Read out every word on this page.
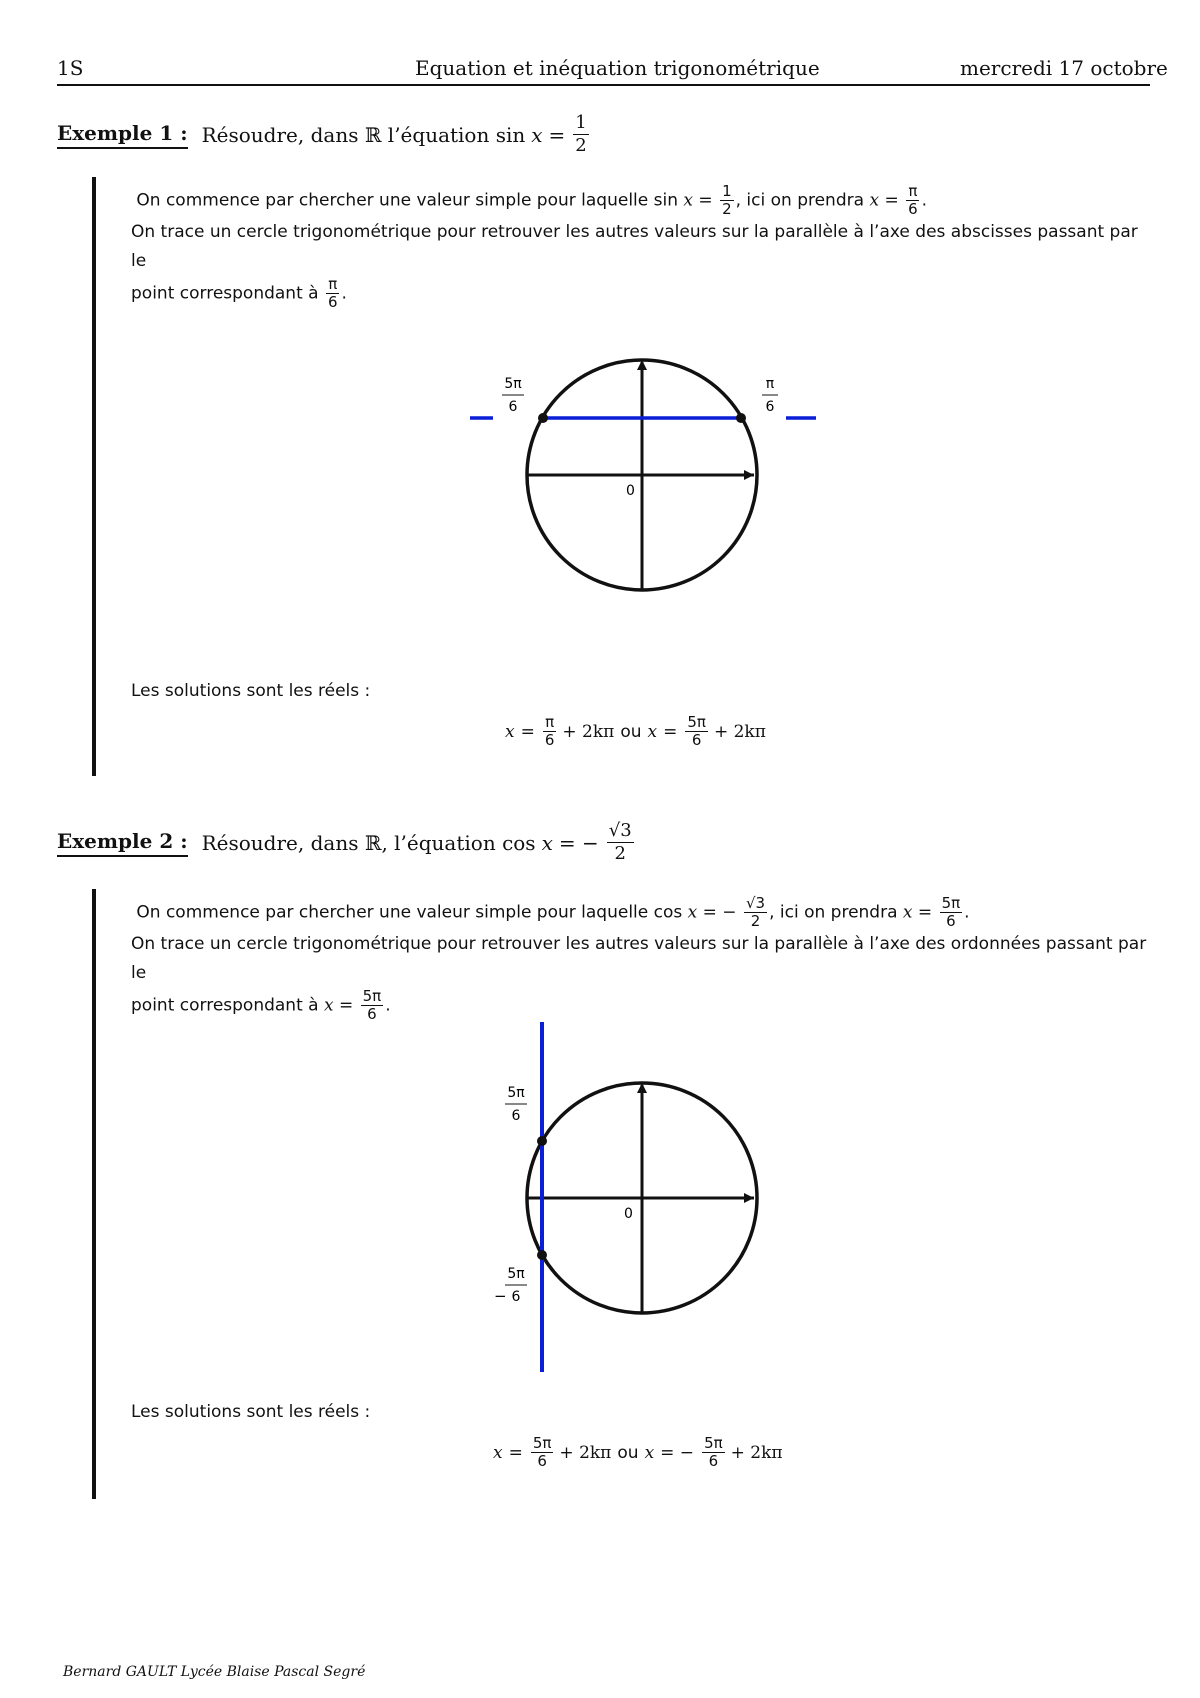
1S	Equation et inéquation trigonométrique	mercredi 17 octobre
Exemple 1 : Résoudre, dans ℝ l’équation $\sin x = \frac{1}{2}$
On commence par chercher une valeur simple pour laquelle $\sin x = \frac{1}{2}$ , ici on prendra $x = \frac{\pi}{6}$ .
On trace un cercle trigonométrique pour retrouver les autres valeurs sur la parallèle à l’axe des abscisses passant par le
point correspondant à $\frac{\pi}{6}$ .
0
5π
6
π
6
Les solutions sont les réels :
$x = \frac{\pi}{6} + 2k\pi$ ou $x = \frac{5\pi}{6} + 2k\pi$
Exemple 2 : Résoudre, dans ℝ, l’équation cos x = − $\frac{√3}{2}$
On commence par chercher une valeur simple pour laquelle cos x = − $\frac{√3}{2}$ , ici on prendra $x = \frac{5\pi}{6}$ .
On trace un cercle trigonométrique pour retrouver les autres valeurs sur la parallèle à l’axe des ordonnées passant par le
point correspondant à $x = \frac{5\pi}{6}$ .
0
5π
6
−
5π
6
Les solutions sont les réels :
$x = \frac{5\pi}{6} + 2k\pi$ ou x = − $\frac{5\pi}{6} + 2k\pi$
Bernard GAULT Lycée Blaise Pascal Segré
